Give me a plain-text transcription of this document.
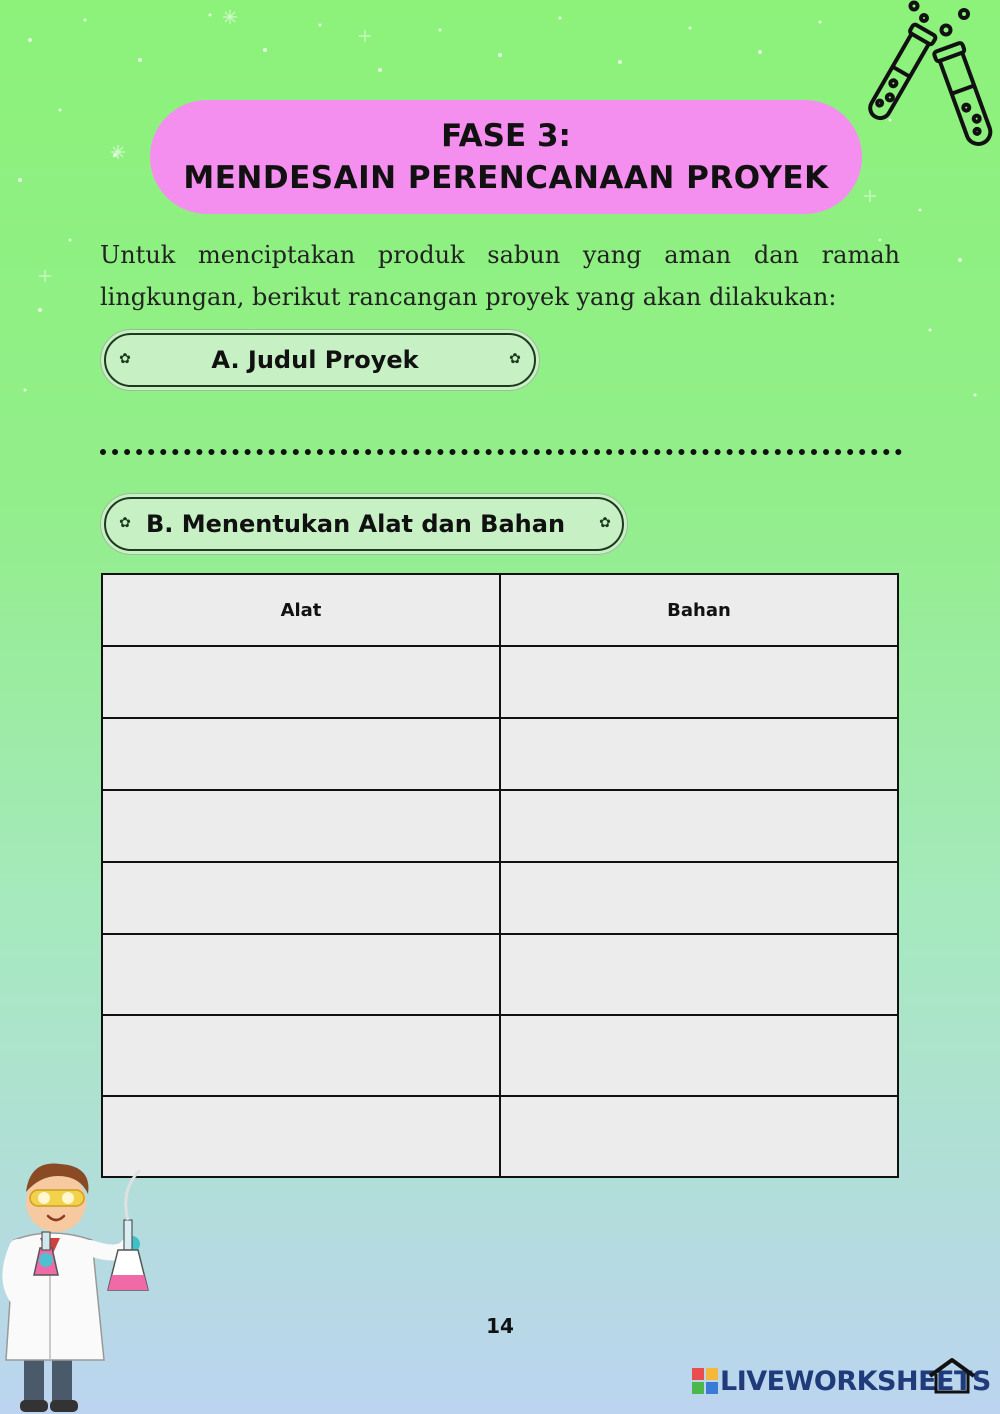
FASE 3:
MENDESAIN PERENCANAAN PROYEK
Untuk menciptakan produk sabun yang aman dan ramah lingkungan, berikut rancangan proyek yang akan dilakukan:
✿	A. Judul Proyek	✿
✿ B. Menentukan Alat dan Bahan ✿
Alat	Bahan

14
LIVEWORKSHEETS
